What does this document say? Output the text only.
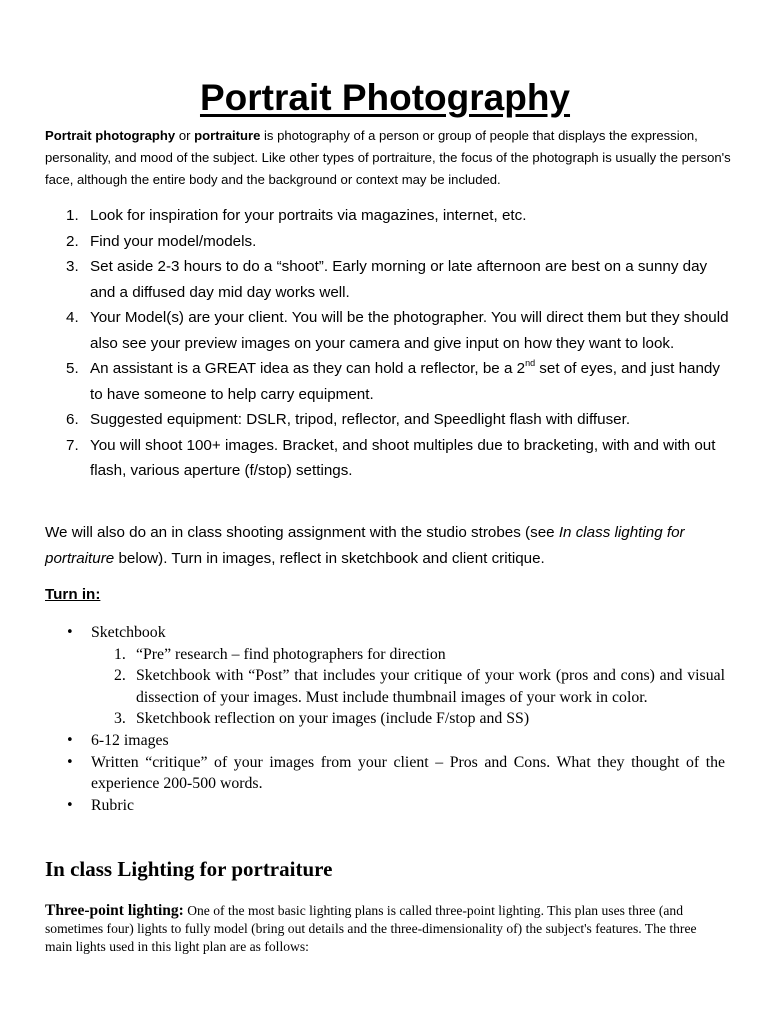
Portrait Photography

Portrait photography or portraiture is photography of a person or group of people that displays the expression, personality, and mood of the subject. Like other types of portraiture, the focus of the photograph is usually the person's face, although the entire body and the background or context may be included.

Look for inspiration for your portraits via magazines, internet, etc.
Find your model/models.
Set aside 2-3 hours to do a “shoot”. Early morning or late afternoon are best on a sunny day and a diffused day mid day works well.
Your Model(s) are your client. You will be the photographer. You will direct them but they should also see your preview images on your camera and give input on how they want to look.
An assistant is a GREAT idea as they can hold a reflector, be a 2nd set of eyes, and just handy to have someone to help carry equipment.
Suggested equipment: DSLR, tripod, reflector, and Speedlight flash with diffuser.
You will shoot 100+ images. Bracket, and shoot multiples due to bracketing, with and with out flash, various aperture (f/stop) settings.

We will also do an in class shooting assignment with the studio strobes (see In class lighting for portraiture below). Turn in images, reflect in sketchbook and client critique.

Turn in:

• Sketchbook
“Pre” research – find photographers for direction
Sketchbook with “Post” that includes your critique of your work (pros and cons) and visual dissection of your images. Must include thumbnail images of your work in color.
Sketchbook reflection on your images (include F/stop and SS)
• 6-12 images
• Written “critique” of your images from your client – Pros and Cons. What they thought of the experience 200-500 words.
• Rubric
In class Lighting for portraiture

Three-point lighting: One of the most basic lighting plans is called three-point lighting. This plan uses three (and sometimes four) lights to fully model (bring out details and the three-dimensionality of) the subject's features. The three main lights used in this light plan are as follows:
